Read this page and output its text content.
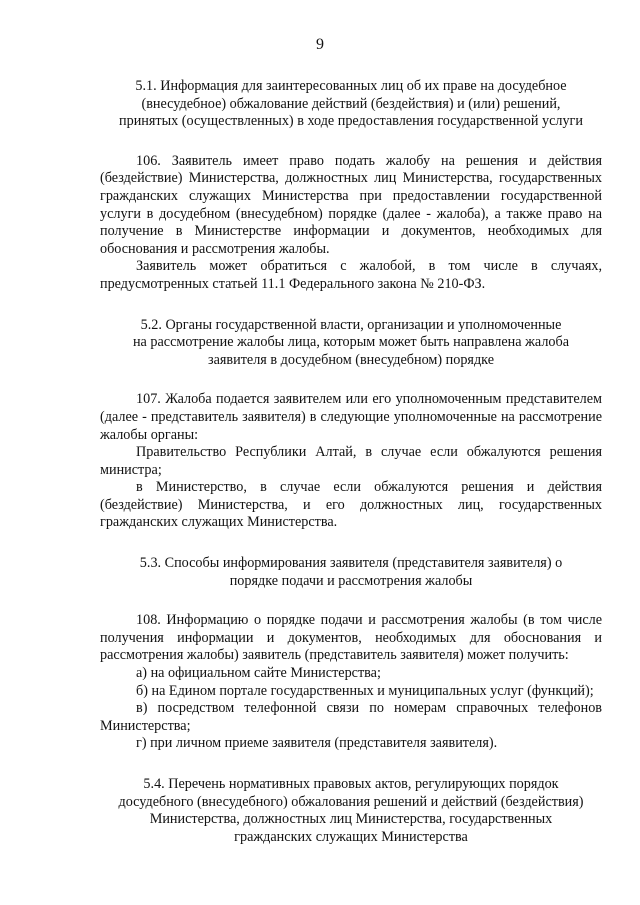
9
5.1. Информация для заинтересованных лиц об их праве на досудебное
(внесудебное) обжалование действий (бездействия) и (или) решений,
принятых (осуществленных) в ходе предоставления государственной услуги

106. Заявитель имеет право подать жалобу на решения и действия (бездействие) Министерства, должностных лиц Министерства, государственных гражданских служащих Министерства при предоставлении государственной услуги в досудебном (внесудебном) порядке (далее - жалоба), а также право на получение в Министерстве информации и документов, необходимых для обоснования и рассмотрения жалобы.

Заявитель может обратиться с жалобой, в том числе в случаях, предусмотренных статьей 11.1 Федерального закона № 210-ФЗ.

5.2. Органы государственной власти, организации и уполномоченные
на рассмотрение жалобы лица, которым может быть направлена жалоба
заявителя в досудебном (внесудебном) порядке

107. Жалоба подается заявителем или его уполномоченным представителем (далее - представитель заявителя) в следующие уполномоченные на рассмотрение жалобы органы:

Правительство Республики Алтай, в случае если обжалуются решения министра;

в Министерство, в случае если обжалуются решения и действия (бездействие) Министерства, и его должностных лиц, государственных гражданских служащих Министерства.

5.3. Способы информирования заявителя (представителя заявителя) о
порядке подачи и рассмотрения жалобы

108. Информацию о порядке подачи и рассмотрения жалобы (в том числе получения информации и документов, необходимых для обоснования и рассмотрения жалобы) заявитель (представитель заявителя) может получить:

а) на официальном сайте Министерства;

б) на Едином портале государственных и муниципальных услуг (функций);

в) посредством телефонной связи по номерам справочных телефонов Министерства;

г) при личном приеме заявителя (представителя заявителя).

5.4. Перечень нормативных правовых актов, регулирующих порядок
досудебного (внесудебного) обжалования решений и действий (бездействия)
Министерства, должностных лиц Министерства, государственных
гражданских служащих Министерства
